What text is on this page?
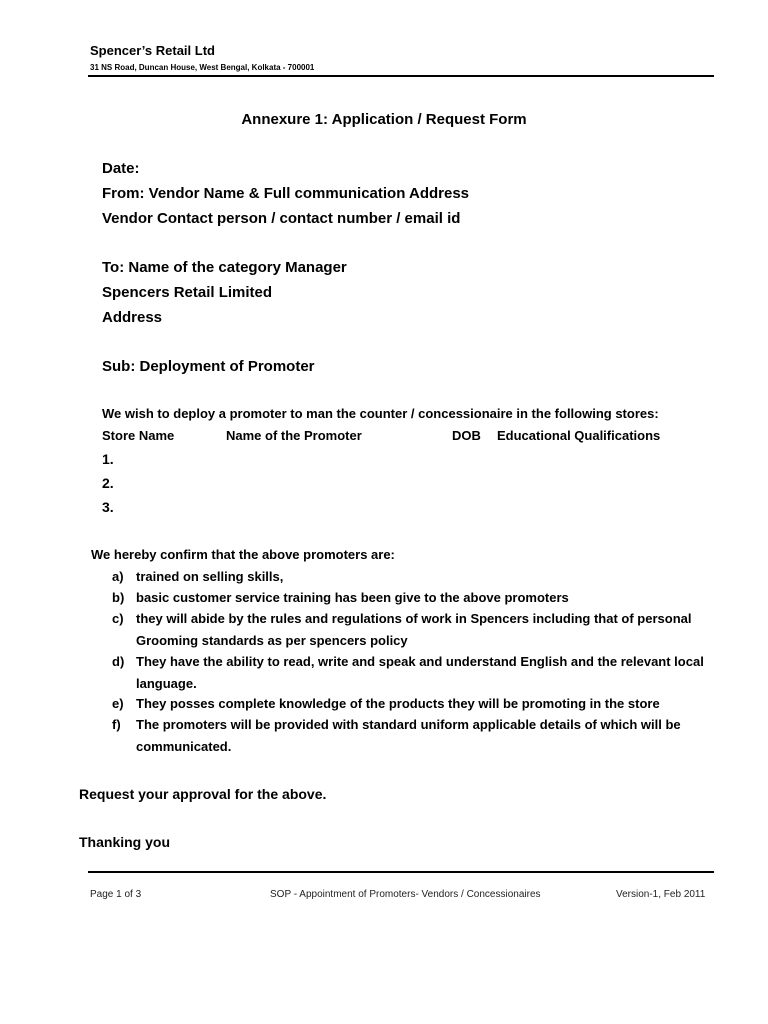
Spencer’s Retail Ltd
31 NS Road, Duncan House, West Bengal, Kolkata - 700001
Annexure 1: Application / Request Form
Date:
From: Vendor Name & Full communication Address
Vendor Contact person / contact number / email id
To: Name of the category Manager
Spencers Retail Limited
Address
Sub: Deployment of Promoter
We wish to deploy a promoter to man the counter / concessionaire in the following stores:
Store Name	Name of the Promoter	DOB Educational Qualifications
1.
2.
3.
We hereby confirm that the above promoters are:
a) trained on selling skills,
b) basic customer service training has been give to the above promoters
c) they will abide by the rules and regulations of work in Spencers including that of personal Grooming standards as per spencers policy
d) They have the ability to read, write and speak and understand English and the relevant local language.
e) They posses complete knowledge of the products they will be promoting in the store
f) The promoters will be provided with standard uniform applicable details of which will be communicated.
Request your approval for the above.
Thanking you
Page 1 of 3	SOP - Appointment of Promoters- Vendors / Concessionaires	Version-1, Feb 2011
